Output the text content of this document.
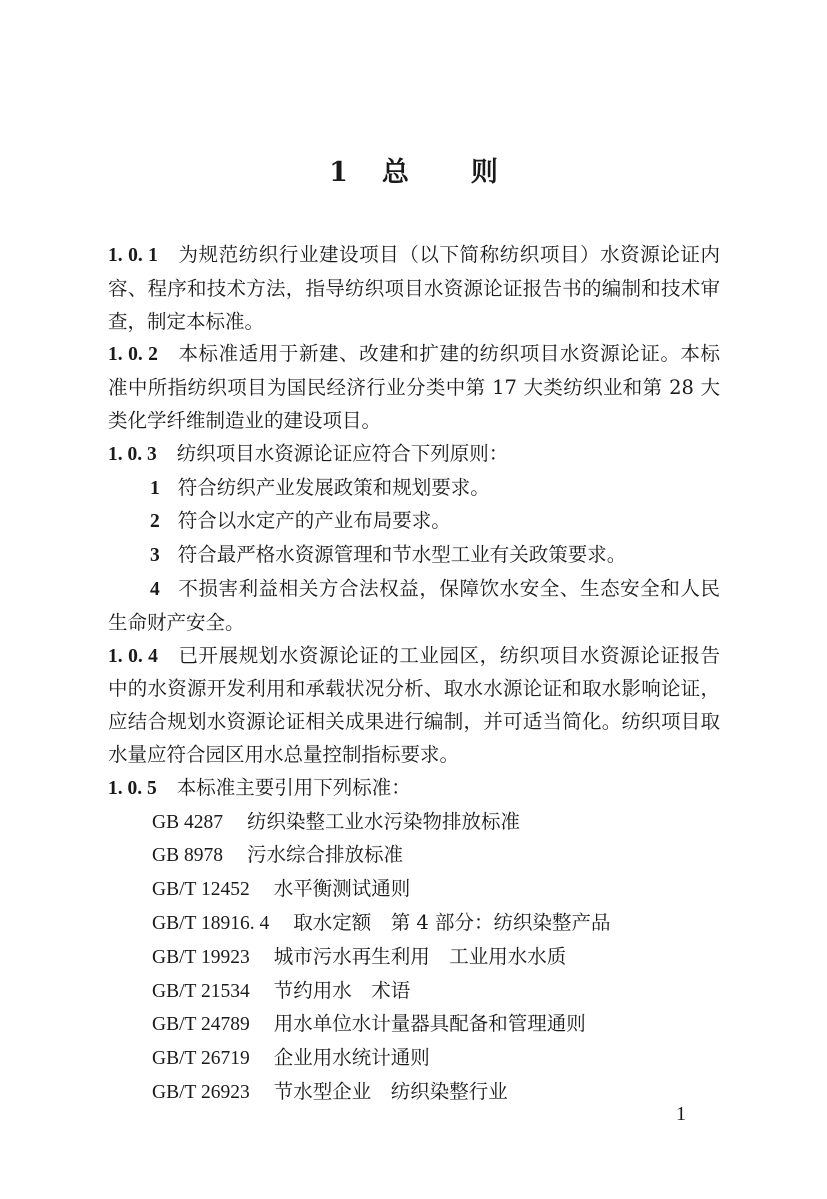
1 总 则

1. 0. 1 为规范纺织行业建设项目（以下简称纺织项目）水资源论证内容、程序和技术方法，指导纺织项目水资源论证报告书的编制和技术审查，制定本标准。

1. 0. 2 本标准适用于新建、改建和扩建的纺织项目水资源论证。本标准中所指纺织项目为国民经济行业分类中第 17 大类纺织业和第 28 大类化学纤维制造业的建设项目。

1. 0. 3 纺织项目水资源论证应符合下列原则：

1 符合纺织产业发展政策和规划要求。

2 符合以水定产的产业布局要求。

3 符合最严格水资源管理和节水型工业有关政策要求。

4 不损害利益相关方合法权益，保障饮水安全、生态安全和人民生命财产安全。

1. 0. 4 已开展规划水资源论证的工业园区，纺织项目水资源论证报告中的水资源开发利用和承载状况分析、取水水源论证和取水影响论证，应结合规划水资源论证相关成果进行编制，并可适当简化。纺织项目取水量应符合园区用水总量控制指标要求。

1. 0. 5 本标准主要引用下列标准：

GB 4287 纺织染整工业水污染物排放标准

GB 8978 污水综合排放标准

GB/T 12452 水平衡测试通则

GB/T 18916. 4 取水定额　第 4 部分：纺织染整产品

GB/T 19923 城市污水再生利用　工业用水水质

GB/T 21534 节约用水　术语

GB/T 24789 用水单位水计量器具配备和管理通则

GB/T 26719 企业用水统计通则

GB/T 26923 节水型企业　纺织染整行业

1
